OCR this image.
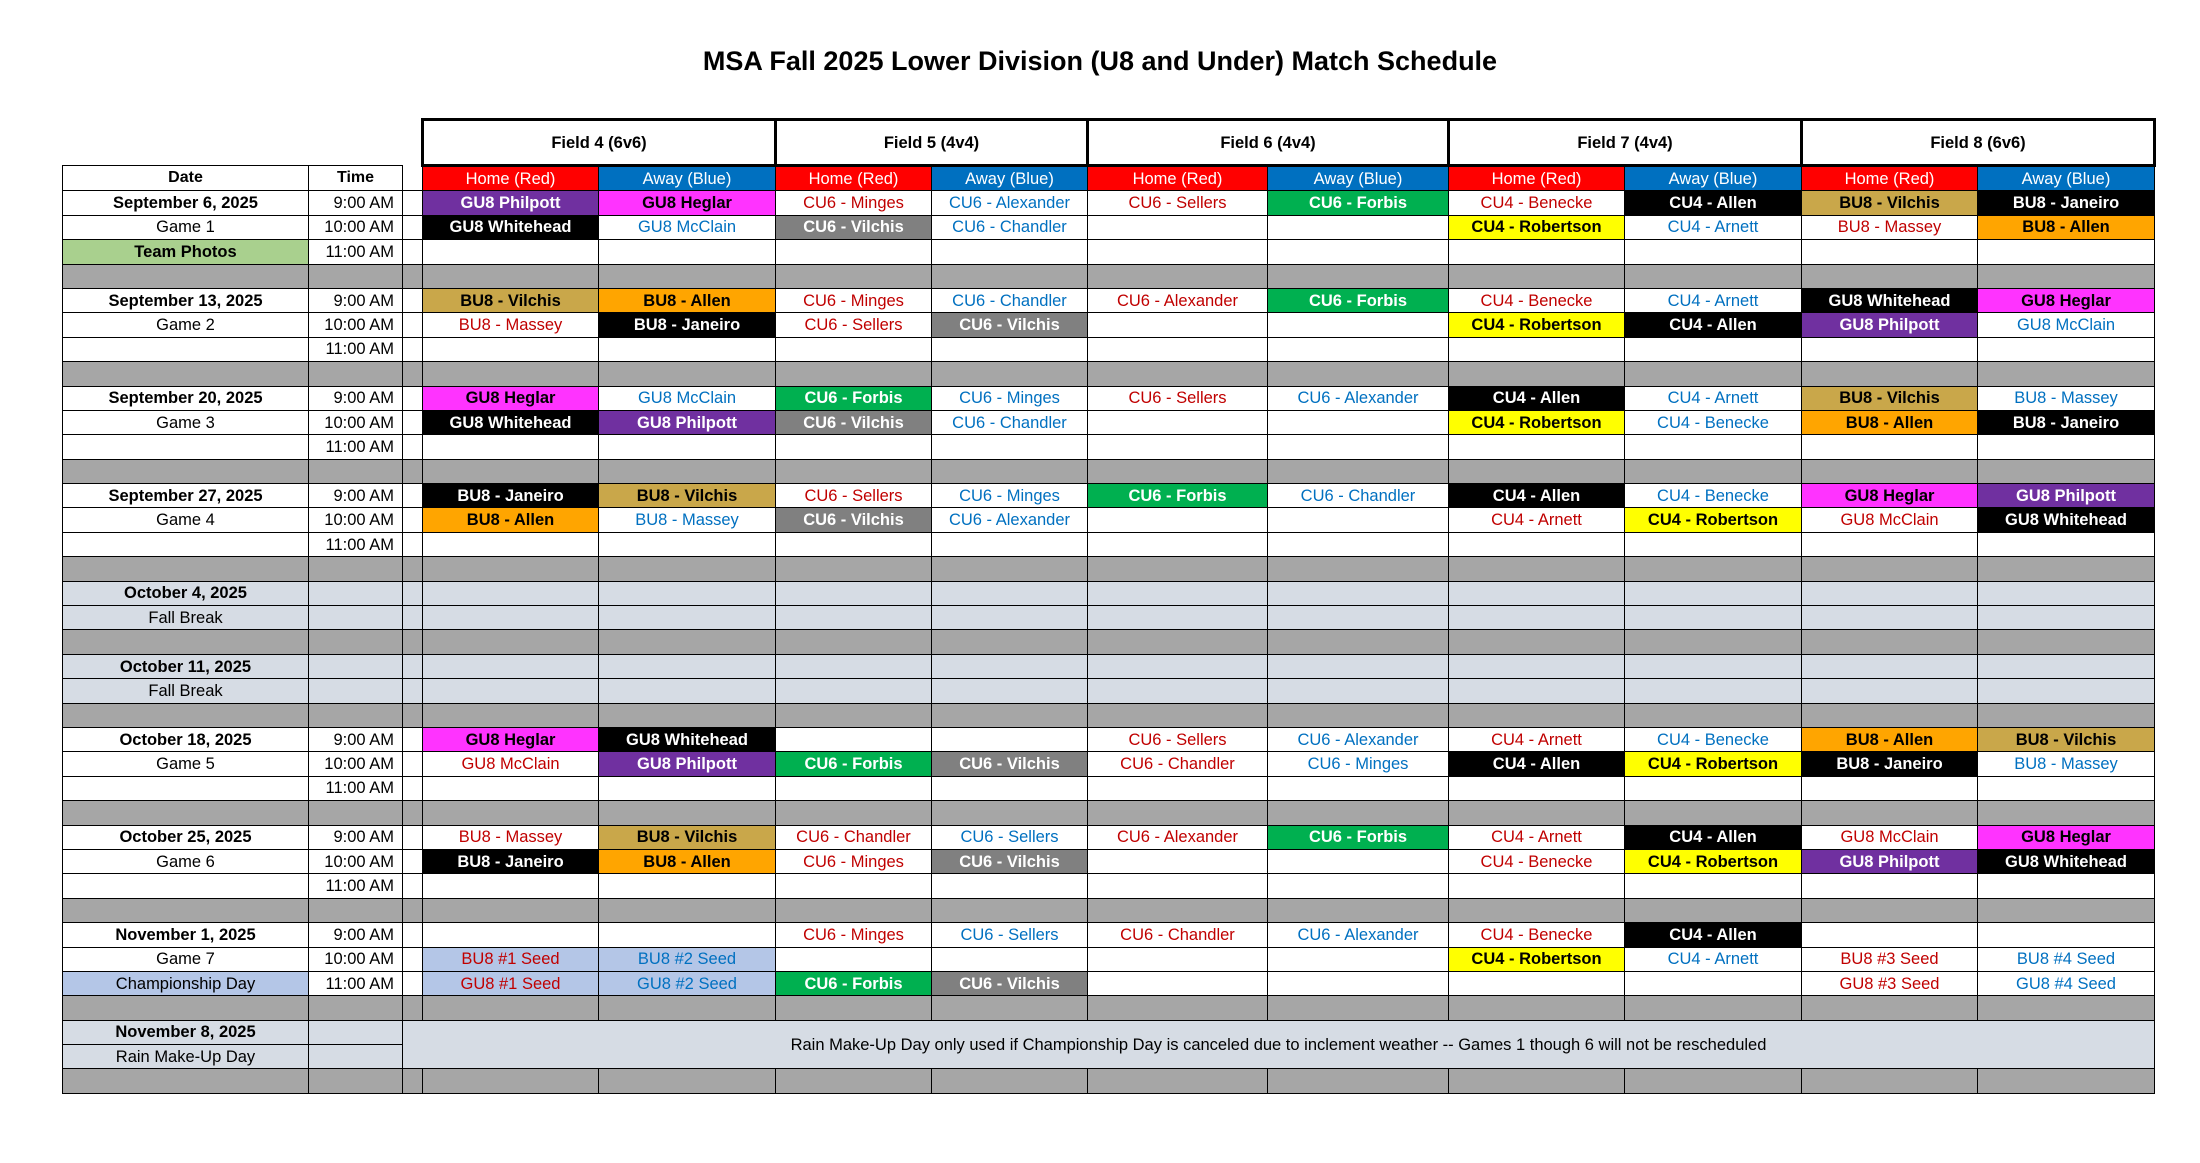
MSA Fall 2025 Lower Division (U8 and Under) Match Schedule
			Field 4 (6v6)		Field 5 (4v4)		Field 6 (4v4)		Field 7 (4v4)		Field 8 (6v6)	
Date	Time		Home (Red)	Away (Blue)	Home (Red)	Away (Blue)	Home (Red)	Away (Blue)	Home (Red)	Away (Blue)	Home (Red)	Away (Blue)
September 6, 2025	9:00 AM		GU8 Philpott	GU8 Heglar	CU6 - Minges	CU6 - Alexander	CU6 - Sellers	CU6 - Forbis	CU4 - Benecke	CU4 - Allen	BU8 - Vilchis	BU8 - Janeiro
Game 1	10:00 AM		GU8 Whitehead	GU8 McClain	CU6 - Vilchis	CU6 - Chandler			CU4 - Robertson	CU4 - Arnett	BU8 - Massey	BU8 - Allen
Team Photos	11:00 AM											

September 13, 2025	9:00 AM		BU8 - Vilchis	BU8 - Allen	CU6 - Minges	CU6 - Chandler	CU6 - Alexander	CU6 - Forbis	CU4 - Benecke	CU4 - Arnett	GU8 Whitehead	GU8 Heglar
Game 2	10:00 AM		BU8 - Massey	BU8 - Janeiro	CU6 - Sellers	CU6 - Vilchis			CU4 - Robertson	CU4 - Allen	GU8 Philpott	GU8 McClain
	11:00 AM											

September 20, 2025	9:00 AM		GU8 Heglar	GU8 McClain	CU6 - Forbis	CU6 - Minges	CU6 - Sellers	CU6 - Alexander	CU4 - Allen	CU4 - Arnett	BU8 - Vilchis	BU8 - Massey
Game 3	10:00 AM		GU8 Whitehead	GU8 Philpott	CU6 - Vilchis	CU6 - Chandler			CU4 - Robertson	CU4 - Benecke	BU8 - Allen	BU8 - Janeiro
	11:00 AM											

September 27, 2025	9:00 AM		BU8 - Janeiro	BU8 - Vilchis	CU6 - Sellers	CU6 - Minges	CU6 - Forbis	CU6 - Chandler	CU4 - Allen	CU4 - Benecke	GU8 Heglar	GU8 Philpott
Game 4	10:00 AM		BU8 - Allen	BU8 - Massey	CU6 - Vilchis	CU6 - Alexander			CU4 - Arnett	CU4 - Robertson	GU8 McClain	GU8 Whitehead
	11:00 AM											

October 4, 2025												
Fall Break												

October 11, 2025												
Fall Break												

October 18, 2025	9:00 AM		GU8 Heglar	GU8 Whitehead			CU6 - Sellers	CU6 - Alexander	CU4 - Arnett	CU4 - Benecke	BU8 - Allen	BU8 - Vilchis
Game 5	10:00 AM		GU8 McClain	GU8 Philpott	CU6 - Forbis	CU6 - Vilchis	CU6 - Chandler	CU6 - Minges	CU4 - Allen	CU4 - Robertson	BU8 - Janeiro	BU8 - Massey
	11:00 AM											

October 25, 2025	9:00 AM		BU8 - Massey	BU8 - Vilchis	CU6 - Chandler	CU6 - Sellers	CU6 - Alexander	CU6 - Forbis	CU4 - Arnett	CU4 - Allen	GU8 McClain	GU8 Heglar
Game 6	10:00 AM		BU8 - Janeiro	BU8 - Allen	CU6 - Minges	CU6 - Vilchis			CU4 - Benecke	CU4 - Robertson	GU8 Philpott	GU8 Whitehead
	11:00 AM											

November 1, 2025	9:00 AM				CU6 - Minges	CU6 - Sellers	CU6 - Chandler	CU6 - Alexander	CU4 - Benecke	CU4 - Allen		
Game 7	10:00 AM		BU8 #1 Seed	BU8 #2 Seed					CU4 - Robertson	CU4 - Arnett	BU8 #3 Seed	BU8 #4 Seed
Championship Day	11:00 AM		GU8 #1 Seed	GU8 #2 Seed	CU6 - Forbis	CU6 - Vilchis					GU8 #3 Seed	GU8 #4 Seed

November 8, 2025		Rain Make-Up Day only used if Championship Day is canceled due to inclement weather -- Games 1 though 6 will not be rescheduled										
Rain Make-Up Day												
